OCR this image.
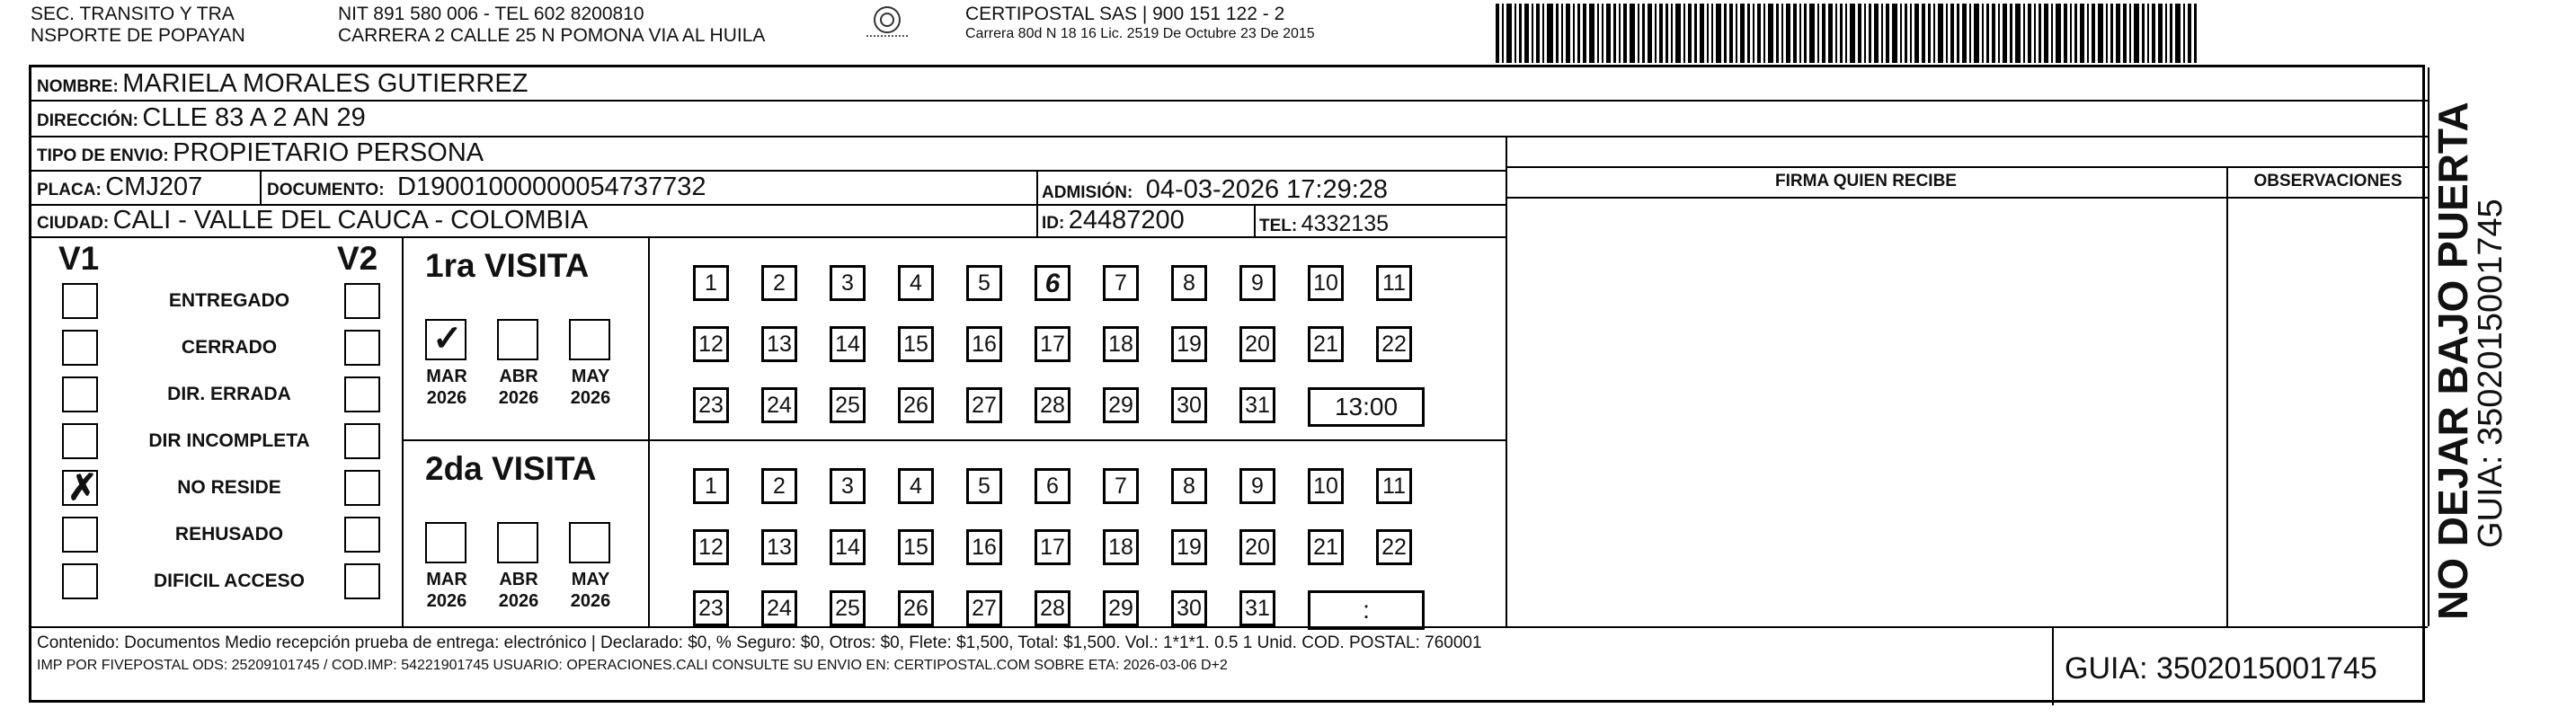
SEC. TRANSITO Y TRA
NSPORTE DE POPAYAN
NIT 891 580 006 - TEL 602 8200810
CARRERA 2 CALLE 25 N POMONA VIA AL HUILA
CERTIPOSTAL SAS | 900 151 122 - 2
Carrera 80d N 18 16 Lic. 2519 De Octubre 23 De 2015
NOMBRE: MARIELA MORALES GUTIERREZ
DIRECCIÓN: CLLE 83 A 2 AN 29
TIPO DE ENVIO: PROPIETARIO PERSONA
PLACA: CMJ207	DOCUMENTO: D19001000000054737732	ADMISIÓN: 04-03-2026 17:29:28
CIUDAD: CALI - VALLE DEL CAUCA - COLOMBIA	ID: 24487200	TEL: 4332135
FIRMA QUIEN RECIBE	OBSERVACIONES
V1	V2
ENTREGADO
CERRADO
DIR. ERRADA
DIR INCOMPLETA
✗	NO RESIDE
REHUSADO
DIFICIL ACCESO
1ra VISITA
✓
MAR
2026
ABR
2026
MAY
2026
1	2	3	4	5	6	7	8	9	10 11
12 13 14 15 16 17 18 19 20 21 22
23 24 25 26 27 28 29 30 31	13:00
2da VISITA
MAR
2026
ABR
2026
MAY
2026
1	2	3	4	5	6	7	8	9	10 11
12 13 14 15 16 17 18 19 20 21 22
23 24 25 26 27 28 29 30 31	:
Contenido: Documentos Medio recepción prueba de entrega: electrónico | Declarado: $0, % Seguro: $0, Otros: $0, Flete: $1,500, Total: $1,500. Vol.: 1*1*1. 0.5 1 Unid. COD. POSTAL: 760001
IMP POR FIVEPOSTAL ODS: 25209101745 / COD.IMP: 54221901745 USUARIO: OPERACIONES.CALI CONSULTE SU ENVIO EN: CERTIPOSTAL.COM SOBRE ETA: 2026-03-06 D+2	GUIA: 3502015001745
NO DEJAR BAJO PUERTA
GUIA: 3502015001745
